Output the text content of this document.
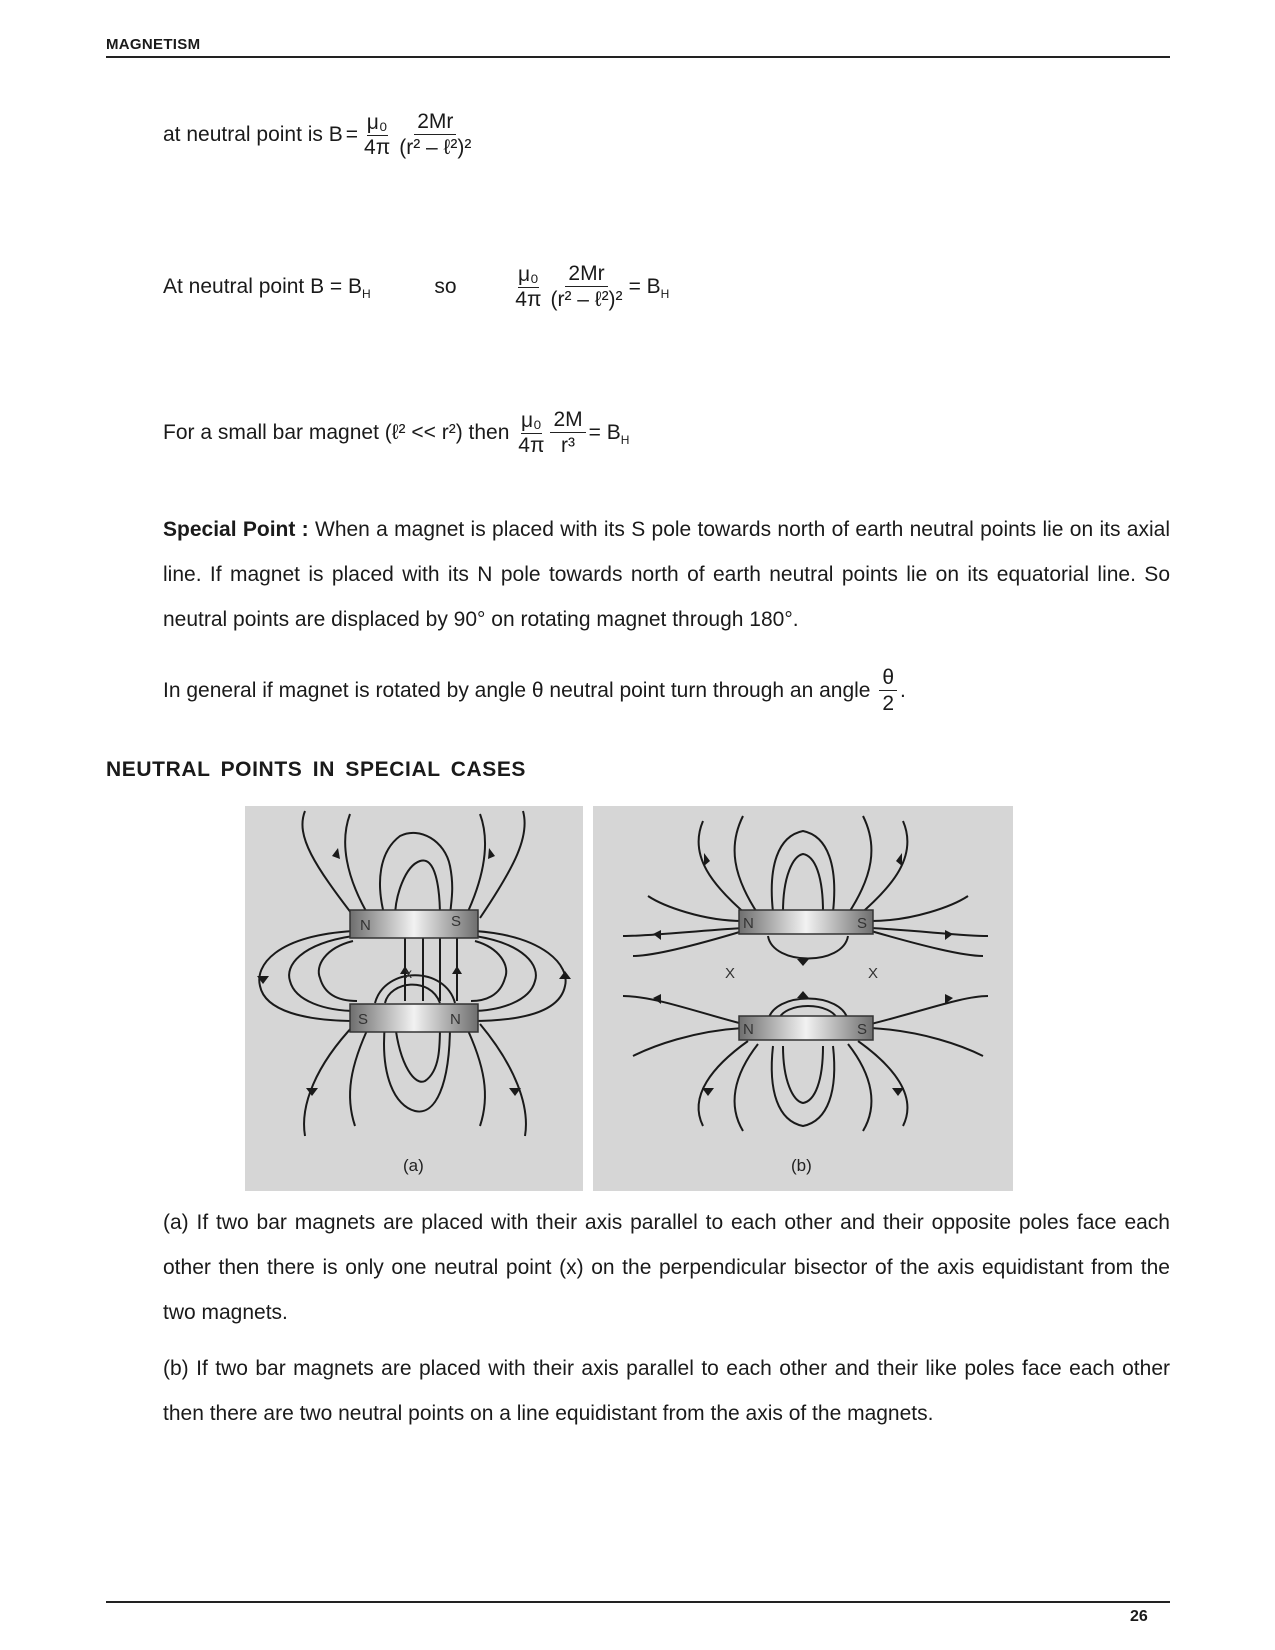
MAGNETISM
at neutral point is $B = \frac{\text{μ₀}}{4\pi} \frac{2Mr}{\text{(r² – ℓ²)²}}$
At neutral point $B = B_H$	so	$\frac{\text{μ₀}}{4\pi} \frac{2Mr}{\text{(r² – ℓ²)²}} = B_H$
For a small bar magnet (ℓ² << r²) then $\frac{\text{μ₀}}{4\pi} \frac{2M}{\text{r³}} = B_H$
Special Point : When a magnet is placed with its S pole towards north of earth neutral points lie on its axial line. If magnet is placed with its N pole towards north of earth neutral points lie on its equatorial line. So neutral points are displaced by 90° on rotating magnet through 180°.
In general if magnet is rotated by angle θ neutral point turn through an angle $\frac{\theta}{2}$ .
NEUTRAL POINTS IN SPECIAL CASES
N	S
S	N
x
(a)
N	S
N	S
X	X
(b)
(a) If two bar magnets are placed with their axis parallel to each other and their opposite poles face each other then there is only one neutral point (x) on the perpendicular bisector of the axis equidistant from the two magnets.
(b) If two bar magnets are placed with their axis parallel to each other and their like poles face each other then there are two neutral points on a line equidistant from the axis of the magnets.
26
